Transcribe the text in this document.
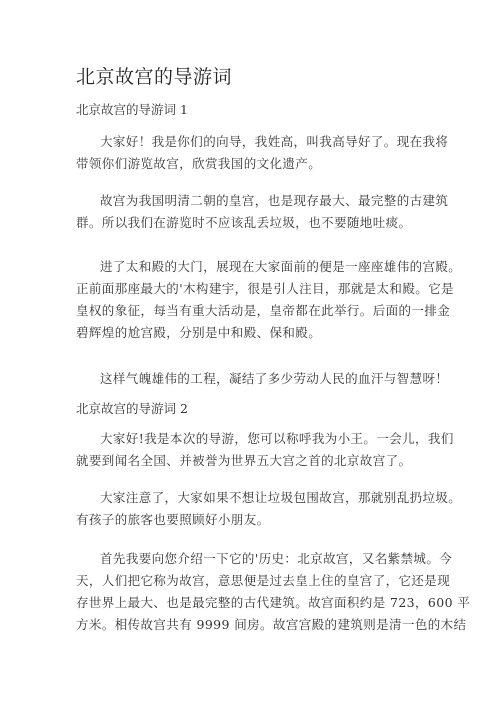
北京故宫的导游词
北京故宫的导游词 1
大家好！我是你们的向导，我姓高，叫我高导好了。现在我将
带领你们游览故宫，欣赏我国的文化遗产。
故宫为我国明清二朝的皇宫，也是现存最大、最完整的古建筑
群。所以我们在游览时不应该乱丢垃圾，也不要随地吐痰。
进了太和殿的大门，展现在大家面前的便是一座座雄伟的宫殿。
正前面那座最大的'木构建宇，很是引人注目，那就是太和殿。它是
皇权的象征，每当有重大活动是，皇帝都在此举行。后面的一排金
碧辉煌的尬宫殿，分别是中和殿、保和殿。
这样气魄雄伟的工程，凝结了多少劳动人民的血汗与智慧呀！
北京故宫的导游词 2
大家好!我是本次的导游，您可以称呼我为小王。一会儿，我们
就要到闻名全国、并被誉为世界五大宫之首的北京故宫了。
大家注意了，大家如果不想让垃圾包围故宫，那就别乱扔垃圾。
有孩子的旅客也要照顾好小朋友。
首先我要向您介绍一下它的'历史：北京故宫，又名紫禁城。今
天，人们把它称为故宫，意思便是过去皇上住的皇宫了，它还是现
存世界上最大、也是最完整的古代建筑。故宫面积约是 723，600 平
方米。相传故宫共有 9999 间房。故宫宫殿的建筑则是清一色的木结
